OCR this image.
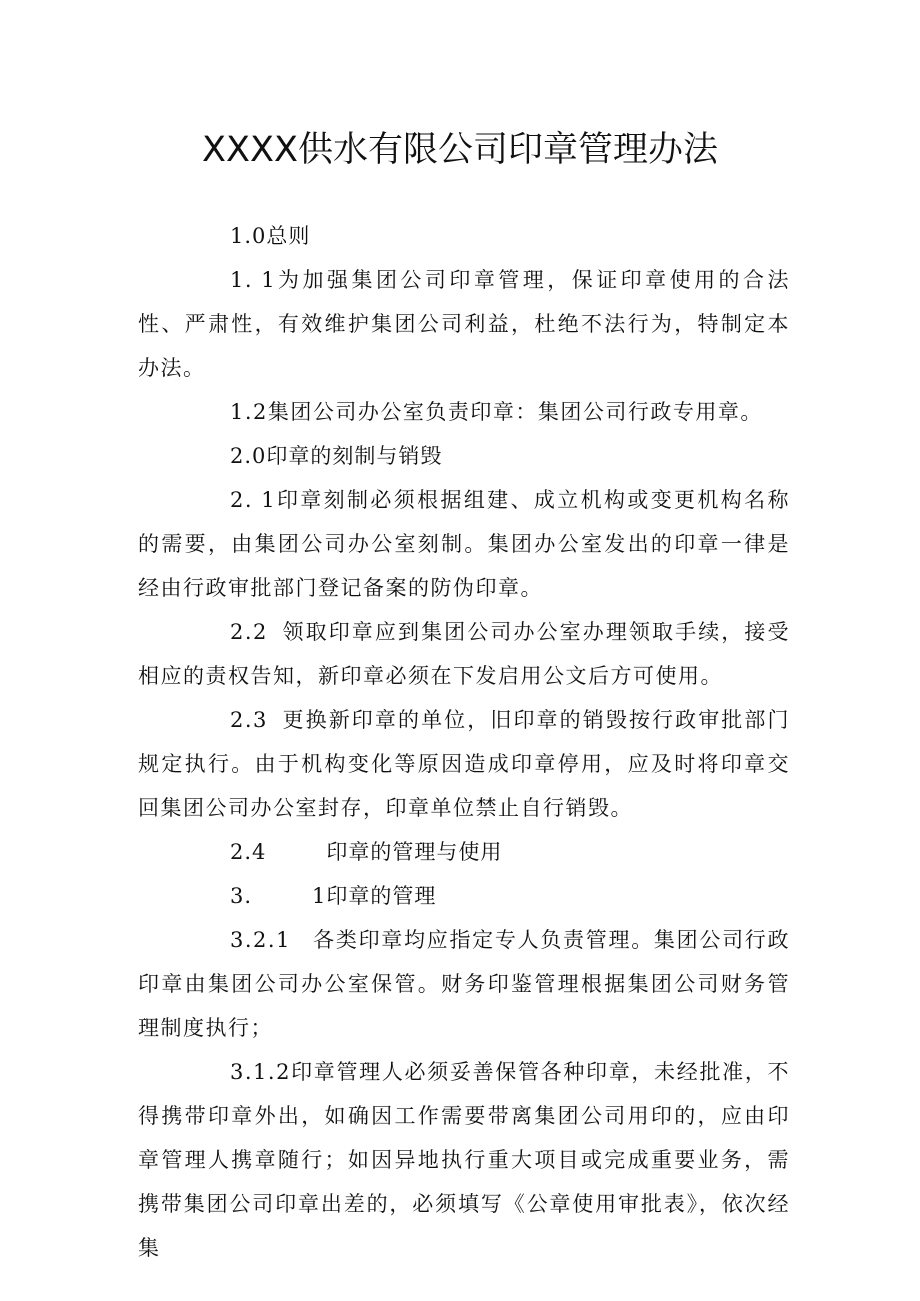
XXXX供水有限公司印章管理办法

1.0总则

1. 1为加强集团公司印章管理，保证印章使用的合法性、严肃性，有效维护集团公司利益，杜绝不法行为，特制定本办法。

1.2集团公司办公室负责印章：集团公司行政专用章。

2.0印章的刻制与销毁

2. 1印章刻制必须根据组建、成立机构或变更机构名称的需要，由集团公司办公室刻制。集团办公室发出的印章一律是经由行政审批部门登记备案的防伪印章。

2.2 领取印章应到集团公司办公室办理领取手续，接受相应的责权告知，新印章必须在下发启用公文后方可使用。

2.3 更换新印章的单位，旧印章的销毁按行政审批部门规定执行。由于机构变化等原因造成印章停用，应及时将印章交回集团公司办公室封存，印章单位禁止自行销毁。

2.4	印章的管理与使用

3.	1印章的管理

3.2.1 各类印章均应指定专人负责管理。集团公司行政印章由集团公司办公室保管。财务印鉴管理根据集团公司财务管理制度执行；

3.1.2印章管理人必须妥善保管各种印章，未经批准，不得携带印章外出，如确因工作需要带离集团公司用印的，应由印章管理人携章随行；如因异地执行重大项目或完成重要业务，需携带集团公司印章出差的，必须填写《公章使用审批表》，依次经集
